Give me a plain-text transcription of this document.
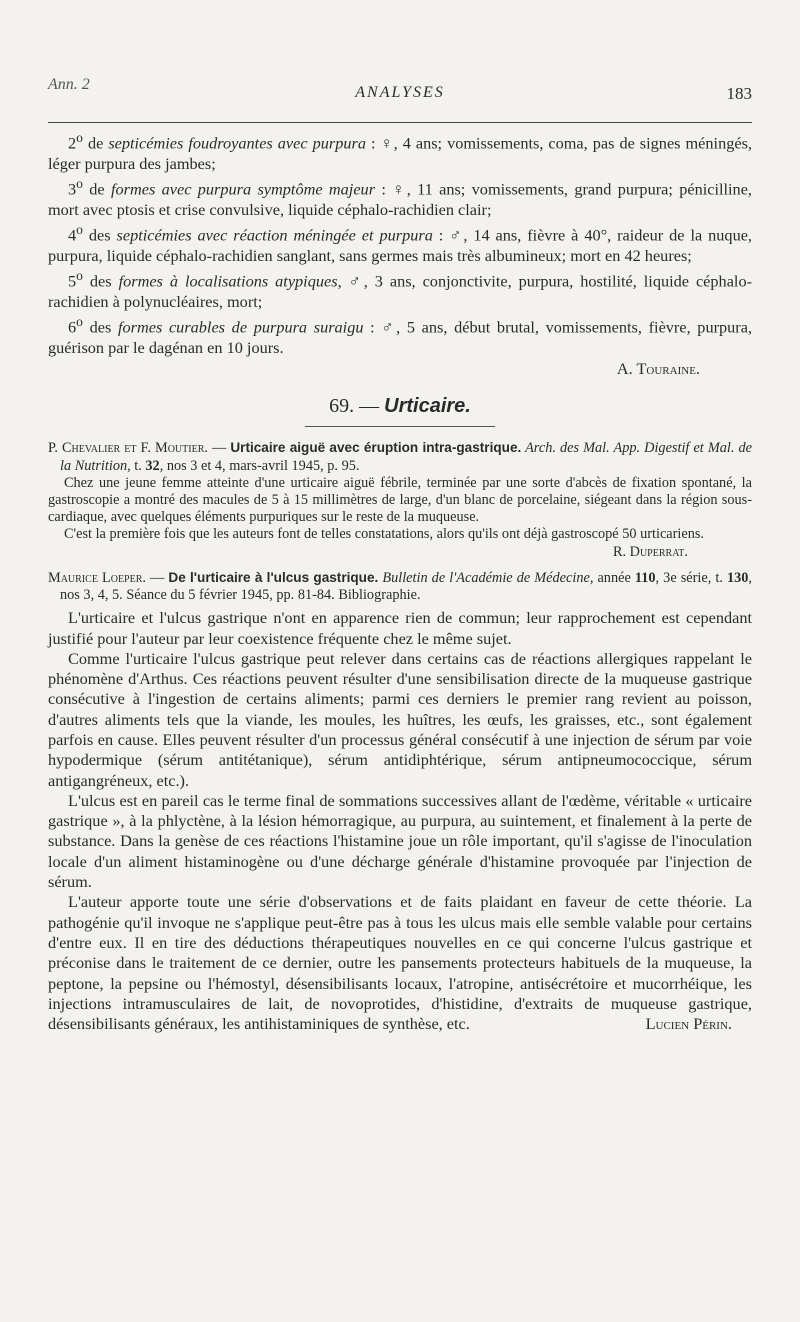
Ann. 2	ANALYSES	183

2$^o$ de septicémies foudroyantes avec purpura : ♀, 4 ans; vomissements, coma, pas de signes méningés, léger purpura des jambes;

3$^o$ de formes avec purpura symptôme majeur : ♀, 11 ans; vomissements, grand purpura; pénicilline, mort avec ptosis et crise convulsive, liquide céphalo-rachidien clair;

4$^o$ des septicémies avec réaction méningée et purpura : ♂, 14 ans, fièvre à 40°, raideur de la nuque, purpura, liquide céphalo-rachidien sanglant, sans germes mais très albumineux; mort en 42 heures;

5$^o$ des formes à localisations atypiques, ♂, 3 ans, conjonctivite, purpura, hostilité, liquide céphalo-rachidien à polynucléaires, mort;

6$^o$ des formes curables de purpura suraigu : ♂, 5 ans, début brutal, vomissements, fièvre, purpura, guérison par le dagénan en 10 jours.

A. Touraine.
69. — Urticaire.

P. Chevalier et F. Moutier. — Urticaire aiguë avec éruption intra-gastrique. Arch. des Mal. App. Digestif et Mal. de la Nutrition, t. 32, nos 3 et 4, mars-avril 1945, p. 95.

Chez une jeune femme atteinte d'une urticaire aiguë fébrile, terminée par une sorte d'abcès de fixation spontané, la gastroscopie a montré des macules de 5 à 15 millimètres de large, d'un blanc de porcelaine, siégeant dans la région sous-cardiaque, avec quelques éléments purpuriques sur le reste de la muqueuse.

C'est la première fois que les auteurs font de telles constatations, alors qu'ils ont déjà gastroscopé 50 urticariens.

R. Duperrat.

Maurice Loeper. — De l'urticaire à l'ulcus gastrique. Bulletin de l'Académie de Médecine, année 110, 3e série, t. 130, nos 3, 4, 5. Séance du 5 février 1945, pp. 81-84. Bibliographie.

L'urticaire et l'ulcus gastrique n'ont en apparence rien de commun; leur rapprochement est cependant justifié pour l'auteur par leur coexistence fréquente chez le même sujet.

Comme l'urticaire l'ulcus gastrique peut relever dans certains cas de réactions allergiques rappelant le phénomène d'Arthus. Ces réactions peuvent résulter d'une sensibilisation directe de la muqueuse gastrique consécutive à l'ingestion de certains aliments; parmi ces derniers le premier rang revient au poisson, d'autres aliments tels que la viande, les moules, les huîtres, les œufs, les graisses, etc., sont également parfois en cause. Elles peuvent résulter d'un processus général consécutif à une injection de sérum par voie hypodermique (sérum antitétanique), sérum antidiphtérique, sérum antipneumococcique, sérum antigangréneux, etc.).

L'ulcus est en pareil cas le terme final de sommations successives allant de l'œdème, véritable « urticaire gastrique », à la phlyctène, à la lésion hémorragique, au purpura, au suintement, et finalement à la perte de substance. Dans la genèse de ces réactions l'histamine joue un rôle important, qu'il s'agisse de l'inoculation locale d'un aliment histaminogène ou d'une décharge générale d'histamine provoquée par l'injection de sérum.

L'auteur apporte toute une série d'observations et de faits plaidant en faveur de cette théorie. La pathogénie qu'il invoque ne s'applique peut-être pas à tous les ulcus mais elle semble valable pour certains d'entre eux. Il en tire des déductions thérapeutiques nouvelles en ce qui concerne l'ulcus gastrique et préconise dans le traitement de ce dernier, outre les pansements protecteurs habituels de la muqueuse, la peptone, la pepsine ou l'hémostyl, désensibilisants locaux, l'atropine, antisécrétoire et mucorrhéique, les injections intramusculaires de lait, de novoprotides, d'histidine, d'extraits de muqueuse gastrique, désensibilisants généraux, les antihistaminiques de synthèse, etc.	Lucien Périn.
